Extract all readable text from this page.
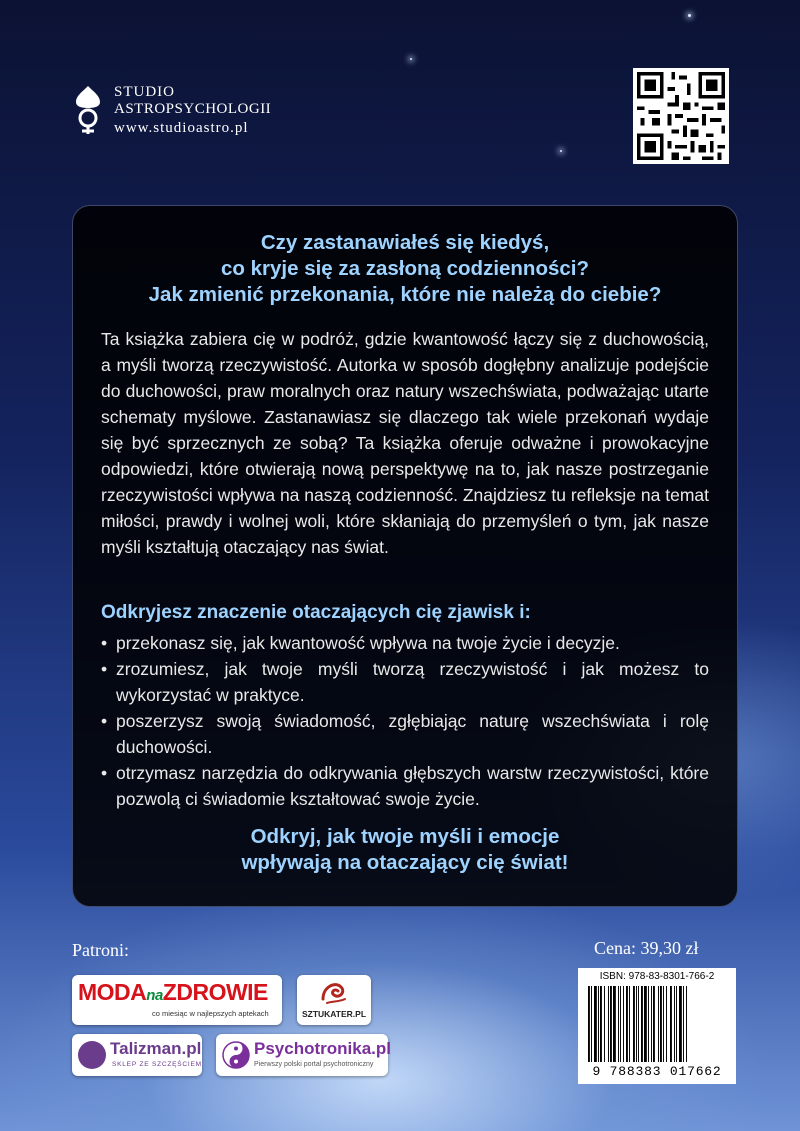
STUDIO
ASTROPSYCHOLOGII
www.studioastro.pl
Czy zastanawiałeś się kiedyś,
co kryje się za zasłoną codzienności?
Jak zmienić przekonania, które nie należą do ciebie?
Ta książka zabiera cię w podróż, gdzie kwantowość łączy się z duchowością, a myśli tworzą rzeczywistość. Autorka w sposób dogłębny analizuje podejście do duchowości, praw moralnych oraz natury wszechświata, podważając utarte schematy myślowe. Zastanawiasz się dlaczego tak wiele przekonań wydaje się być sprzecznych ze sobą? Ta książka oferuje odważne i prowokacyjne odpowiedzi, które otwierają nową perspektywę na to, jak nasze postrzeganie rzeczywistości wpływa na naszą codzienność. Znajdziesz tu refleksje na temat miłości, prawdy i wolnej woli, które skłaniają do przemyśleń o tym, jak nasze myśli kształtują otaczający nas świat.
Odkryjesz znaczenie otaczających cię zjawisk i:
• przekonasz się, jak kwantowość wpływa na twoje życie i decyzje.
• zrozumiesz, jak twoje myśli tworzą rzeczywistość i jak możesz to wykorzystać w praktyce.
• poszerzysz swoją świadomość, zgłębiając naturę wszechświata i rolę duchowości.
• otrzymasz narzędzia do odkrywania głębszych warstw rzeczywistości, które pozwolą ci świadomie kształtować swoje życie.
Odkryj, jak twoje myśli i emocje
wpływają na otaczający cię świat!
Patroni:	Cena: 39,30 zł
MODAnaZDROWIE
co miesiąc w najlepszych aptekach	SZTUKATER.PL
Talizman.pl
SKLEP ZE SZCZĘŚCIEM
Psychotronika.pl
Pierwszy polski portal psychotroniczny
ISBN: 978-83-8301-766-2
9 788383 017662
